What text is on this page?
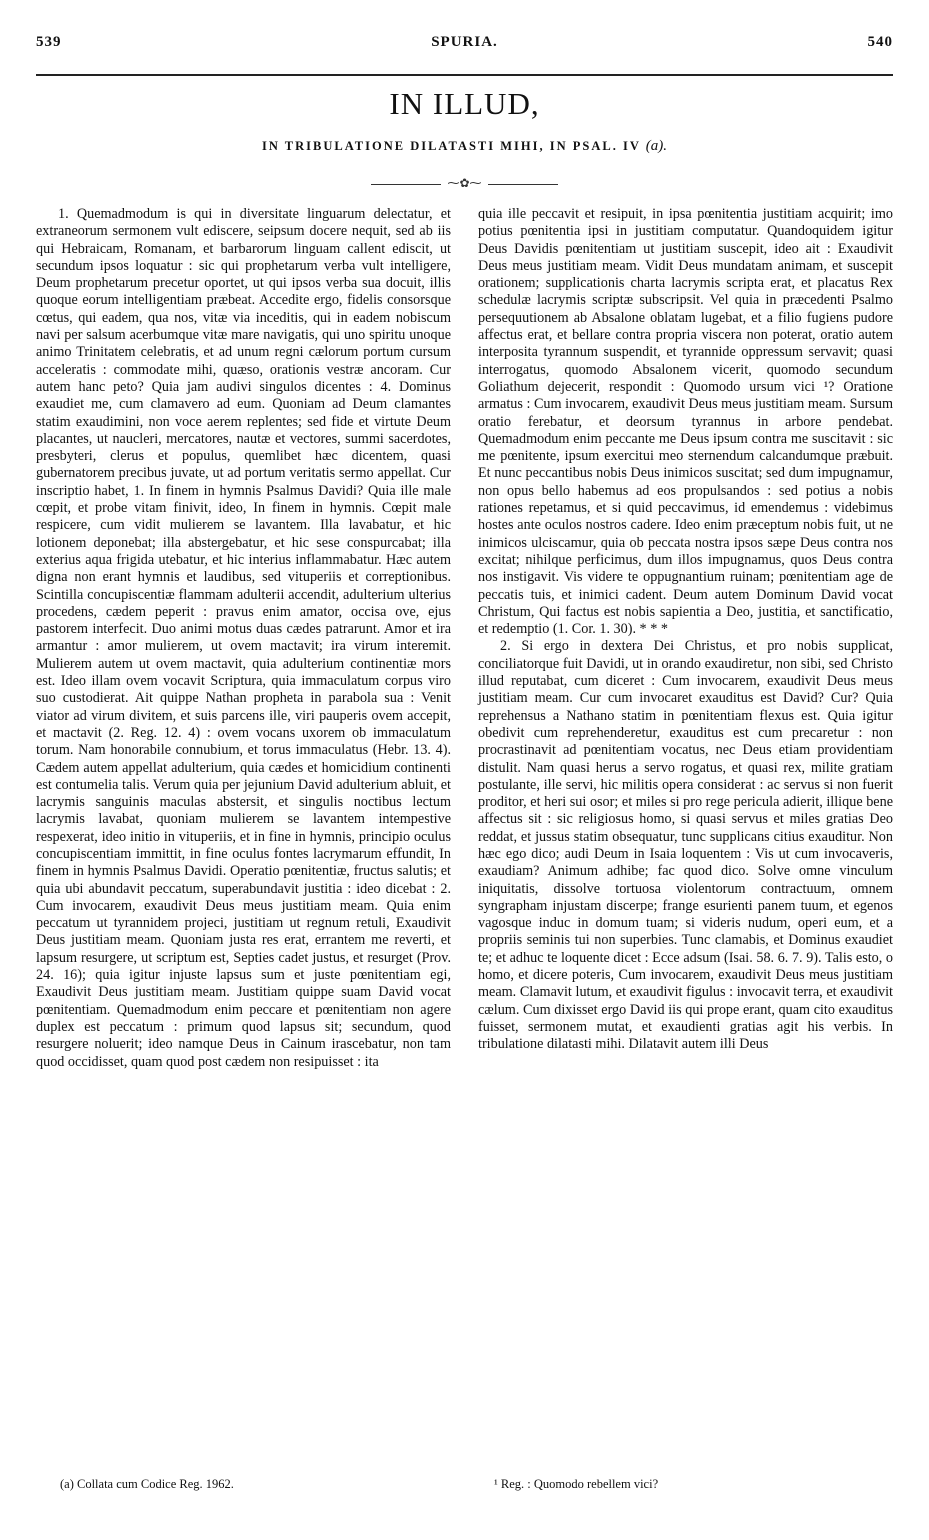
539	SPURIA.	540
IN ILLUD,
IN TRIBULATIONE DILATASTI MIHI, IN PSAL. IV (a).
⁓✿⁓

1. Quemadmodum is qui in diversitate linguarum delectatur, et extraneorum sermonem vult ediscere, seipsum docere nequit, sed ab iis qui Hebraicam, Romanam, et barbarorum linguam callent ediscit, ut secundum ipsos loquatur : sic qui prophetarum verba vult intelligere, Deum prophetarum precetur oportet, ut qui ipsos verba sua docuit, illis quoque eorum intelligentiam præbeat. Accedite ergo, fidelis consorsque cœtus, qui eadem, qua nos, vitæ via inceditis, qui in eadem nobiscum navi per salsum acerbumque vitæ mare navigatis, qui uno spiritu unoque animo Trinitatem celebratis, et ad unum regni cælorum portum cursum acceleratis : commodate mihi, quæso, orationis vestræ ancoram. Cur autem hanc peto? Quia jam audivi singulos dicentes : 4. Dominus exaudiet me, cum clamavero ad eum. Quoniam ad Deum clamantes statim exaudimini, non voce aerem replentes; sed fide et virtute Deum placantes, ut naucleri, mercatores, nautæ et vectores, summi sacerdotes, presbyteri, clerus et populus, quemlibet hæc dicentem, quasi gubernatorem precibus juvate, ut ad portum veritatis sermo appellat. Cur inscriptio habet, 1. In finem in hymnis Psalmus Davidi? Quia ille male cœpit, et probe vitam finivit, ideo, In finem in hymnis. Cœpit male respicere, cum vidit mulierem se lavantem. Illa lavabatur, et hic lotionem deponebat; illa abstergebatur, et hic sese conspurcabat; illa exterius aqua frigida utebatur, et hic interius inflammabatur. Hæc autem digna non erant hymnis et laudibus, sed vituperiis et correptionibus. Scintilla concupiscentiæ flammam adulterii accendit, adulterium ulterius procedens, cædem peperit : pravus enim amator, occisa ove, ejus pastorem interfecit. Duo animi motus duas cædes patrarunt. Amor et ira armantur : amor mulierem, ut ovem mactavit; ira virum interemit. Mulierem autem ut ovem mactavit, quia adulterium continentiæ mors est. Ideo illam ovem vocavit Scriptura, quia immaculatum corpus viro suo custodierat. Ait quippe Nathan propheta in parabola sua : Venit viator ad virum divitem, et suis parcens ille, viri pauperis ovem accepit, et mactavit (2. Reg. 12. 4) : ovem vocans uxorem ob immaculatum torum. Nam honorabile connubium, et torus immaculatus (Hebr. 13. 4). Cædem autem appellat adulterium, quia cædes et homicidium continenti est contumelia talis. Verum quia per jejunium David adulterium abluit, et lacrymis sanguinis maculas abstersit, et singulis noctibus lectum lacrymis lavabat, quoniam mulierem se lavantem intempestive respexerat, ideo initio in vituperiis, et in fine in hymnis, principio oculus concupiscentiam immittit, in fine oculus fontes lacrymarum effundit, In finem in hymnis Psalmus Davidi. Operatio pœnitentiæ, fructus salutis; et quia ubi abundavit peccatum, superabundavit justitia : ideo dicebat : 2. Cum invocarem, exaudivit Deus meus justitiam meam. Quia enim peccatum ut tyrannidem projeci, justitiam ut regnum retuli, Exaudivit Deus justitiam meam. Quoniam justa res erat, errantem me reverti, et lapsum resurgere, ut scriptum est, Septies cadet justus, et resurget (Prov. 24. 16); quia igitur injuste lapsus sum et juste pœnitentiam egi, Exaudivit Deus justitiam meam. Justitiam quippe suam David vocat pœnitentiam. Quemadmodum enim peccare et pœnitentiam non agere duplex est peccatum : primum quod lapsus sit; secundum, quod resurgere noluerit; ideo namque Deus in Cainum irascebatur, non tam quod occidisset, quam quod post cædem non resipuisset : ita

quia ille peccavit et resipuit, in ipsa pœnitentia justitiam acquirit; imo potius pœnitentia ipsi in justitiam computatur. Quandoquidem igitur Deus Davidis pœnitentiam ut justitiam suscepit, ideo ait : Exaudivit Deus meus justitiam meam. Vidit Deus mundatam animam, et suscepit orationem; supplicationis charta lacrymis scripta erat, et placatus Rex schedulæ lacrymis scriptæ subscripsit. Vel quia in præcedenti Psalmo persequutionem ab Absalone oblatam lugebat, et a filio fugiens pudore affectus erat, et bellare contra propria viscera non poterat, oratio autem interposita tyrannum suspendit, et tyrannide oppressum servavit; quasi interrogatus, quomodo Absalonem vicerit, quomodo secundum Goliathum dejecerit, respondit : Quomodo ursum vici ¹? Oratione armatus : Cum invocarem, exaudivit Deus meus justitiam meam. Sursum oratio ferebatur, et deorsum tyrannus in arbore pendebat. Quemadmodum enim peccante me Deus ipsum contra me suscitavit : sic me pœnitente, ipsum exercitui meo sternendum calcandumque præbuit. Et nunc peccantibus nobis Deus inimicos suscitat; sed dum impugnamur, non opus bello habemus ad eos propulsandos : sed potius a nobis rationes repetamus, et si quid peccavimus, id emendemus : videbimus hostes ante oculos nostros cadere. Ideo enim præceptum nobis fuit, ut ne inimicos ulciscamur, quia ob peccata nostra ipsos sæpe Deus contra nos excitat; nihilque perficimus, dum illos impugnamus, quos Deus contra nos instigavit. Vis videre te oppugnantium ruinam; pœnitentiam age de peccatis tuis, et inimici cadent. Deum autem Dominum David vocat Christum, Qui factus est nobis sapientia a Deo, justitia, et sanctificatio, et redemptio (1. Cor. 1. 30). * * *

2. Si ergo in dextera Dei Christus, et pro nobis supplicat, conciliatorque fuit Davidi, ut in orando exaudiretur, non sibi, sed Christo illud reputabat, cum diceret : Cum invocarem, exaudivit Deus meus justitiam meam. Cur cum invocaret exauditus est David? Cur? Quia reprehensus a Nathano statim in pœnitentiam flexus est. Quia igitur obedivit cum reprehenderetur, exauditus est cum precaretur : non procrastinavit ad pœnitentiam vocatus, nec Deus etiam providentiam distulit. Nam quasi herus a servo rogatus, et quasi rex, milite gratiam postulante, ille servi, hic militis opera considerat : ac servus si non fuerit proditor, et heri sui osor; et miles si pro rege pericula adierit, illique bene affectus sit : sic religiosus homo, si quasi servus et miles gratias Deo reddat, et jussus statim obsequatur, tunc supplicans citius exauditur. Non hæc ego dico; audi Deum in Isaia loquentem : Vis ut cum invocaveris, exaudiam? Animum adhibe; fac quod dico. Solve omne vinculum iniquitatis, dissolve tortuosa violentorum contractuum, omnem syngrapham injustam discerpe; frange esurienti panem tuum, et egenos vagosque induc in domum tuam; si videris nudum, operi eum, et a propriis seminis tui non superbies. Tunc clamabis, et Dominus exaudiet te; et adhuc te loquente dicet : Ecce adsum (Isai. 58. 6. 7. 9). Talis esto, o homo, et dicere poteris, Cum invocarem, exaudivit Deus meus justitiam meam. Clamavit lutum, et exaudivit figulus : invocavit terra, et exaudivit cælum. Cum dixisset ergo David iis qui prope erant, quam cito exauditus fuisset, sermonem mutat, et exaudienti gratias agit his verbis. In tribulatione dilatasti mihi. Dilatavit autem illi Deus

(a) Collata cum Codice Reg. 1962.	¹ Reg. : Quomodo rebellem vici?
